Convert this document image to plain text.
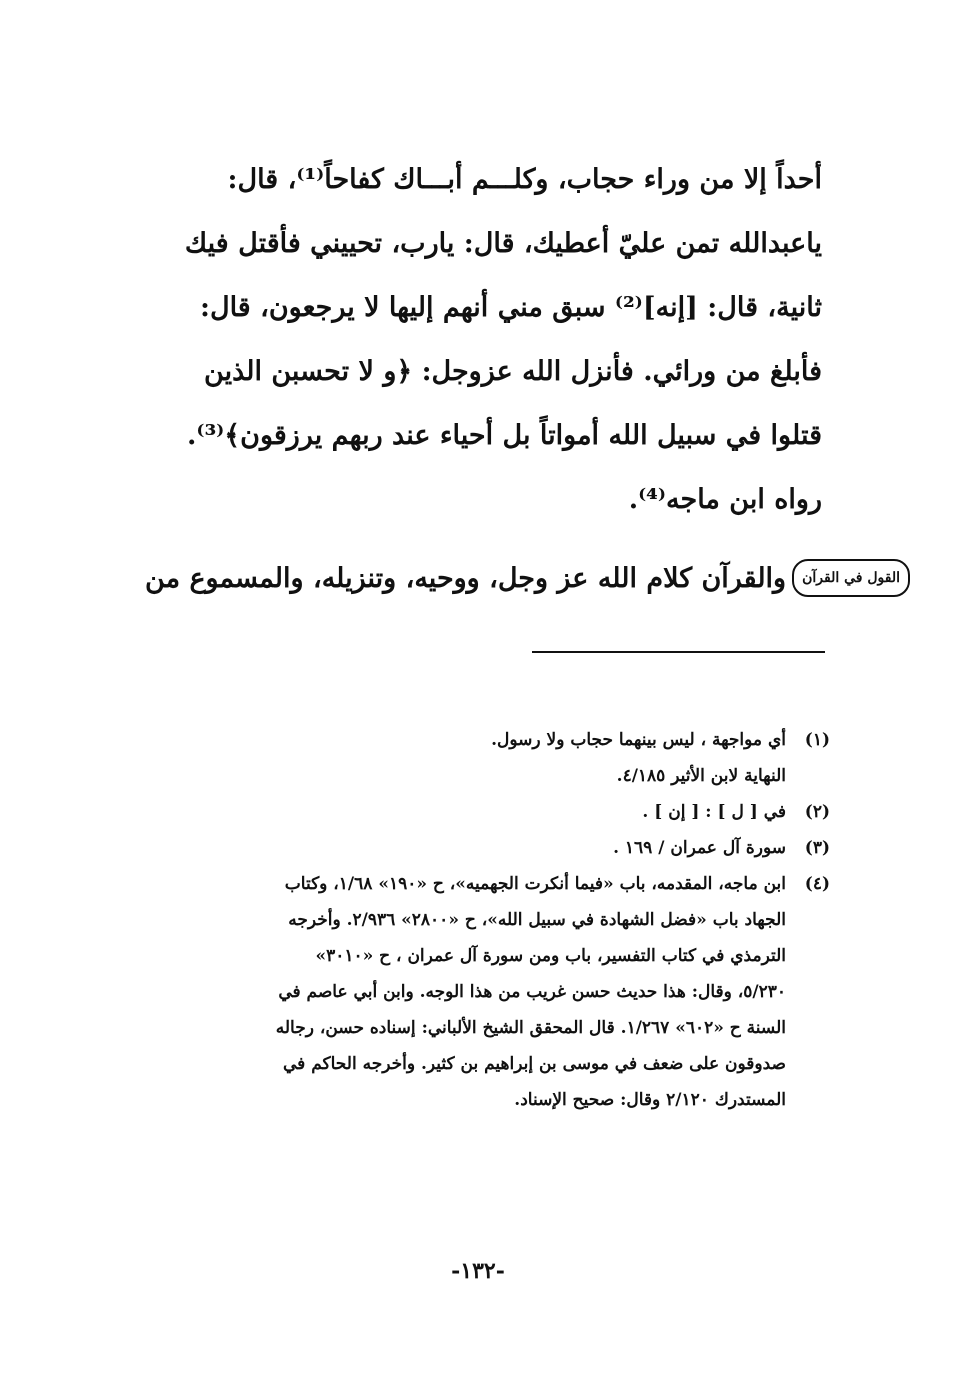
أحداً إلا من وراء حجاب، وكلـــم أبـــاك كفاحاً⁽¹⁾، قال:
ياعبدالله تمن عليّ أعطيك، قال: يارب، تحييني فأقتل فيك
ثانية، قال: [إنه]⁽²⁾ سبق مني أنهم إليها لا يرجعون، قال:
فأبلغ من ورائي. فأنزل الله عزوجل: ﴿و لا تحسبن الذين
قتلوا في سبيل الله أمواتاً بل أحياء عند ربهم يرزقون﴾⁽³⁾.
رواه ابن ماجه⁽⁴⁾.
القول في القرآن
والقرآن كلام الله عز وجل، ووحيه، وتنزيله، والمسموع من
(١)
أي مواجهة ، ليس بينهما حجاب ولا رسول.
النهاية لابن الأثير ٤/١٨٥.
(٢)
في [ ل ] : [ إن ] .
(٣)
سورة آل عمران / ١٦٩ .
(٤)
ابن ماجه، المقدمه، باب «فيما أنكرت الجهميه»، ح «١٩٠» ١/٦٨، وكتاب
الجهاد باب «فضل الشهادة في سبيل الله»، ح «٢٨٠٠» ٢/٩٣٦. وأخرجه
الترمذي في كتاب التفسير، باب ومن سورة آل عمران ، ح «٣٠١٠»
٥/٢٣٠، وقال: هذا حديث حسن غريب من هذا الوجه. وابن أبي عاصم في
السنة ح «٦٠٢» ١/٢٦٧. قال المحقق الشيخ الألباني: إسناده حسن، رجاله
صدوقون على ضعف في موسى بن إبراهيم بن كثير. وأخرجه الحاكم في
المستدرك ٢/١٢٠ وقال: صحيح الإسناد.
-١٣٢-
